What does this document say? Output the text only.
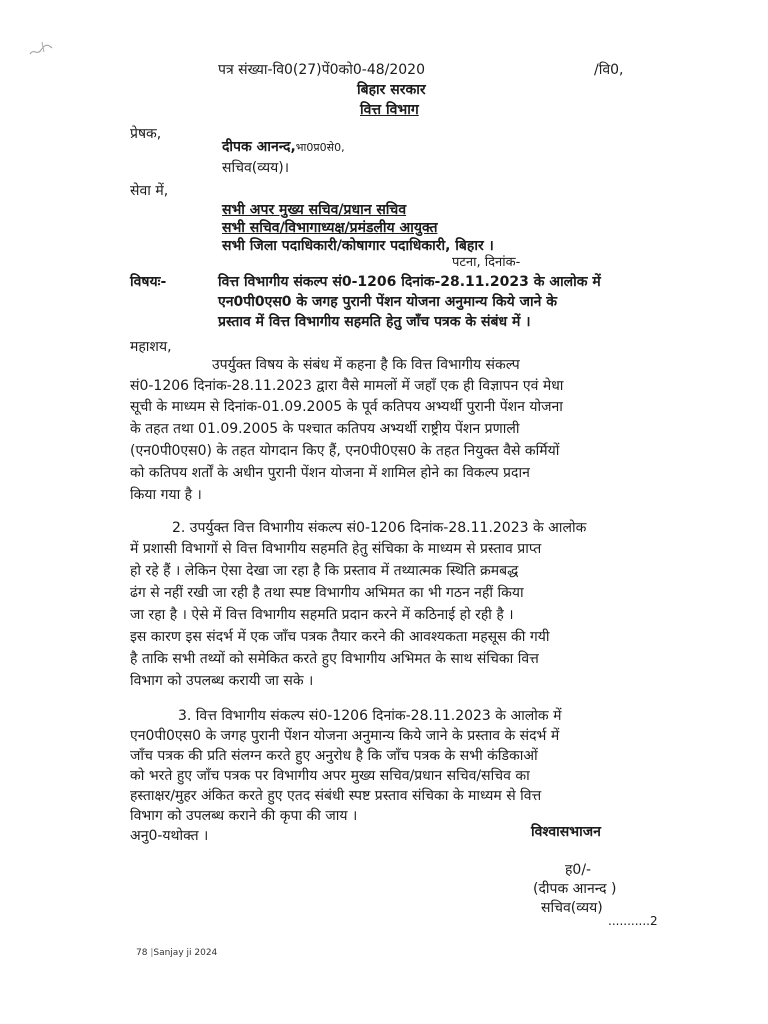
पत्र संख्या-वि0(27)पें0को0-48/2020	/वि0,
बिहार सरकार
वित्त विभाग
प्रेषक,
दीपक आनन्द,भा0प्र0से0,
सचिव(व्यय)।
सेवा में,
सभी अपर मुख्य सचिव/प्रधान सचिव
सभी सचिव/विभागाध्यक्ष/प्रमंडलीय आयुक्त
सभी जिला पदाधिकारी/कोषागार पदाधिकारी, बिहार ।
पटना, दिनांक-
विषयः-	वित्त विभागीय संकल्प सं0-1206 दिनांक-28.11.2023 के आलोक में
एन0पी0एस0 के जगह पुरानी पेंशन योजना अनुमान्य किये जाने के
प्रस्ताव में वित्त विभागीय सहमति हेतु जाँच पत्रक के संबंध में ।
महाशय,
उपर्युक्त विषय के संबंध में कहना है कि वित्त विभागीय संकल्प
सं0-1206 दिनांक-28.11.2023 द्वारा वैसे मामलों में जहाँ एक ही विज्ञापन एवं मेधा
सूची के माध्यम से दिनांक-01.09.2005 के पूर्व कतिपय अभ्यर्थी पुरानी पेंशन योजना
के तहत तथा 01.09.2005 के पश्चात कतिपय अभ्यर्थी राष्ट्रीय पेंशन प्रणाली
(एन0पी0एस0) के तहत योगदान किए हैं, एन0पी0एस0 के तहत नियुक्त वैसे कर्मियों
को कतिपय शर्तों के अधीन पुरानी पेंशन योजना में शामिल होने का विकल्प प्रदान
किया गया है ।
2. उपर्युक्त वित्त विभागीय संकल्प सं0-1206 दिनांक-28.11.2023 के आलोक
में प्रशासी विभागों से वित्त विभागीय सहमति हेतु संचिका के माध्यम से प्रस्ताव प्राप्त
हो रहे हैं । लेकिन ऐसा देखा जा रहा है कि प्रस्ताव में तथ्यात्मक स्थिति क्रमबद्ध
ढंग से नहीं रखी जा रही है तथा स्पष्ट विभागीय अभिमत का भी गठन नहीं किया
जा रहा है । ऐसे में वित्त विभागीय सहमति प्रदान करने में कठिनाई हो रही है ।
इस कारण इस संदर्भ में एक जाँच पत्रक तैयार करने की आवश्यकता महसूस की गयी
है ताकि सभी तथ्यों को समेकित करते हुए विभागीय अभिमत के साथ संचिका वित्त
विभाग को उपलब्ध करायी जा सके ।
3. वित्त विभागीय संकल्प सं0-1206 दिनांक-28.11.2023 के आलोक में
एन0पी0एस0 के जगह पुरानी पेंशन योजना अनुमान्य किये जाने के प्रस्ताव के संदर्भ में
जाँच पत्रक की प्रति संलग्न करते हुए अनुरोध है कि जाँच पत्रक के सभी कंडिकाओं
को भरते हुए जाँच पत्रक पर विभागीय अपर मुख्य सचिव/प्रधान सचिव/सचिव का
हस्ताक्षर/मुहर अंकित करते हुए एतद संबंधी स्पष्ट प्रस्ताव संचिका के माध्यम से वित्त
विभाग को उपलब्ध कराने की कृपा की जाय ।
अनु0-यथोक्त ।	विश्वासभाजन
ह0/-
(दीपक आनन्द )
सचिव(व्यय)
...........2
78 |Sanjay ji 2024
